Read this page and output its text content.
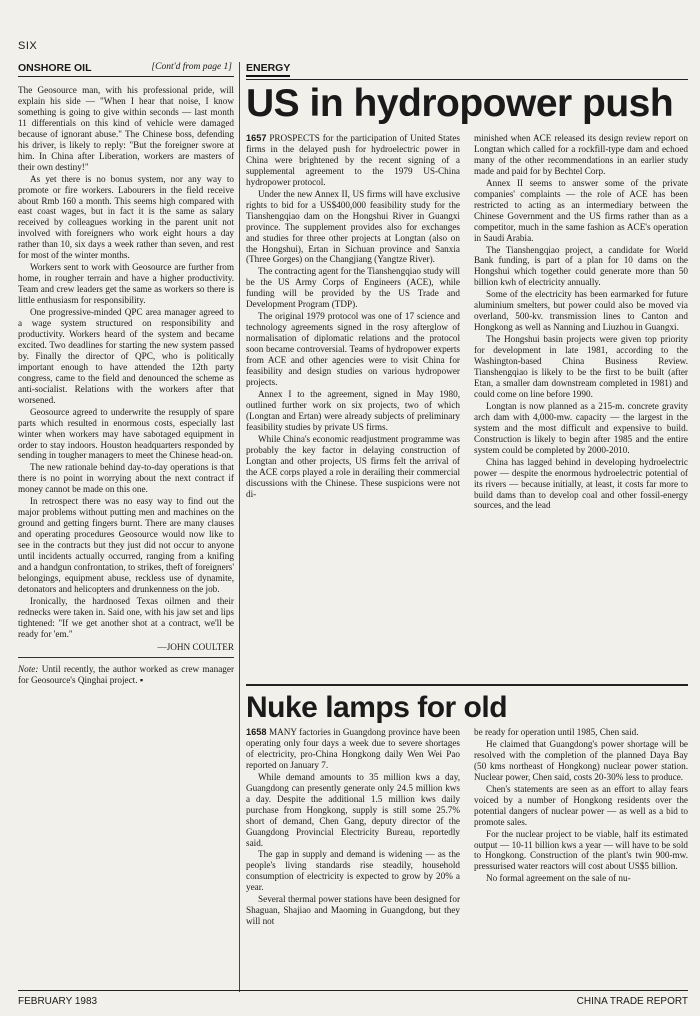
SIX
ONSHORE OIL	[Cont'd from page 1]

The Geosource man, with his professional pride, will explain his side — "When I hear that noise, I know something is going to give within seconds — last month 11 differentials on this kind of vehicle were damaged because of ignorant abuse." The Chinese boss, defending his driver, is likely to reply: "But the foreigner swore at him. In China after Liberation, workers are masters of their own destiny!"

As yet there is no bonus system, nor any way to promote or fire workers. Labourers in the field receive about Rmb 160 a month. This seems high compared with east coast wages, but in fact it is the same as salary received by colleagues working in the parent unit not involved with foreigners who work eight hours a day rather than 10, six days a week rather than seven, and rest for most of the winter months.

Workers sent to work with Geosource are further from home, in rougher terrain and have a higher productivity. Team and crew leaders get the same as workers so there is little enthusiasm for responsibility.

One progressive-minded QPC area manager agreed to a wage system structured on responsibility and productivity. Workers heard of the system and became excited. Two deadlines for starting the new system passed by. Finally the director of QPC, who is politically important enough to have attended the 12th party congress, came to the field and denounced the scheme as anti-socialist. Relations with the workers after that worsened.

Geosource agreed to underwrite the resupply of spare parts which resulted in enormous costs, especially last winter when workers may have sabotaged equipment in order to stay indoors. Houston headquarters responded by sending in tougher managers to meet the Chinese head-on.

The new rationale behind day-to-day operations is that there is no point in worrying about the next contract if money cannot be made on this one.

In retrospect there was no easy way to find out the major problems without putting men and machines on the ground and getting fingers burnt. There are many clauses and operating procedures Geosource would now like to see in the contracts but they just did not occur to anyone until incidents actually occurred, ranging from a knifing and a handgun confrontation, to strikes, theft of foreigners' belongings, equipment abuse, reckless use of dynamite, detonators and helicopters and drunkenness on the job.

Ironically, the hardnosed Texas oilmen and their rednecks were taken in. Said one, with his jaw set and lips tightened: "If we get another shot at a contract, we'll be ready for 'em."

—JOHN COULTER
Note: Until recently, the author worked as crew manager for Geosource's Qinghai project. ▪
ENERGY
US in hydropower push

1657 PROSPECTS for the participation of United States firms in the delayed push for hydroelectric power in China were brightened by the recent signing of a supplemental agreement to the 1979 US-China hydropower protocol.

Under the new Annex II, US firms will have exclusive rights to bid for a US$400,000 feasibility study for the Tianshengqiao dam on the Hongshui River in Guangxi province. The supplement provides also for exchanges and studies for three other projects at Longtan (also on the Hongshui), Ertan in Sichuan province and Sanxia (Three Gorges) on the Changjiang (Yangtze River).

The contracting agent for the Tianshengqiao study will be the US Army Corps of Engineers (ACE), while funding will be provided by the US Trade and Development Program (TDP).

The original 1979 protocol was one of 17 science and technology agreements signed in the rosy afterglow of normalisation of diplomatic relations and the protocol soon became controversial. Teams of hydropower experts from ACE and other agencies were to visit China for feasibility and design studies on various hydropower projects.

Annex I to the agreement, signed in May 1980, outlined further work on six projects, two of which (Longtan and Ertan) were already subjects of preliminary feasibility studies by private US firms.

While China's economic readjustment programme was probably the key factor in delaying construction of Longtan and other projects, US firms felt the arrival of the ACE corps played a role in derailing their commercial discussions with the Chinese. These suspicions were not di-

minished when ACE released its design review report on Longtan which called for a rockfill-type dam and echoed many of the other recommendations in an earlier study made and paid for by Bechtel Corp.

Annex II seems to answer some of the private companies' complaints — the role of ACE has been restricted to acting as an intermediary between the Chinese Government and the US firms rather than as a competitor, much in the same fashion as ACE's operation in Saudi Arabia.

The Tianshengqiao project, a candidate for World Bank funding, is part of a plan for 10 dams on the Hongshui which together could generate more than 50 billion kwh of electricity annually.

Some of the electricity has been earmarked for future aluminium smelters, but power could also be moved via overland, 500-kv. transmission lines to Canton and Hongkong as well as Nanning and Liuzhou in Guangxi.

The Hongshui basin projects were given top priority for development in late 1981, according to the Washington-based China Business Review. Tianshengqiao is likely to be the first to be built (after Etan, a smaller dam downstream completed in 1981) and could come on line before 1990.

Longtan is now planned as a 215-m. concrete gravity arch dam with 4,000-mw. capacity — the largest in the system and the most difficult and expensive to build. Construction is likely to begin after 1985 and the entire system could be completed by 2000-2010.

China has lagged behind in developing hydroelectric power — despite the enormous hydroelectric potential of its rivers — because initially, at least, it costs far more to build dams than to develop coal and other fossil-energy sources, and the lead

Nuke lamps for old

1658 MANY factories in Guangdong province have been operating only four days a week due to severe shortages of electricity, pro-China Hongkong daily Wen Wei Pao reported on January 7.

While demand amounts to 35 million kws a day, Guangdong can presently generate only 24.5 million kws a day. Despite the additional 1.5 million kws daily purchase from Hongkong, supply is still some 25.7% short of demand, Chen Gang, deputy director of the Guangdong Provincial Electricity Bureau, reportedly said.

The gap in supply and demand is widening — as the people's living standards rise steadily, household consumption of electricity is expected to grow by 20% a year.

Several thermal power stations have been designed for Shaguan, Shajiao and Maoming in Guangdong, but they will not

be ready for operation until 1985, Chen said.

He claimed that Guangdong's power shortage will be resolved with the completion of the planned Daya Bay (50 kms northeast of Hongkong) nuclear power station. Nuclear power, Chen said, costs 20-30% less to produce.

Chen's statements are seen as an effort to allay fears voiced by a number of Hongkong residents over the potential dangers of nuclear power — as well as a bid to promote sales.

For the nuclear project to be viable, half its estimated output — 10-11 billion kws a year — will have to be sold to Hongkong. Construction of the plant's twin 900-mw. pressurised water reactors will cost about US$5 billion.

No formal agreement on the sale of nu-

FEBRUARY 1983	CHINA TRADE REPORT
